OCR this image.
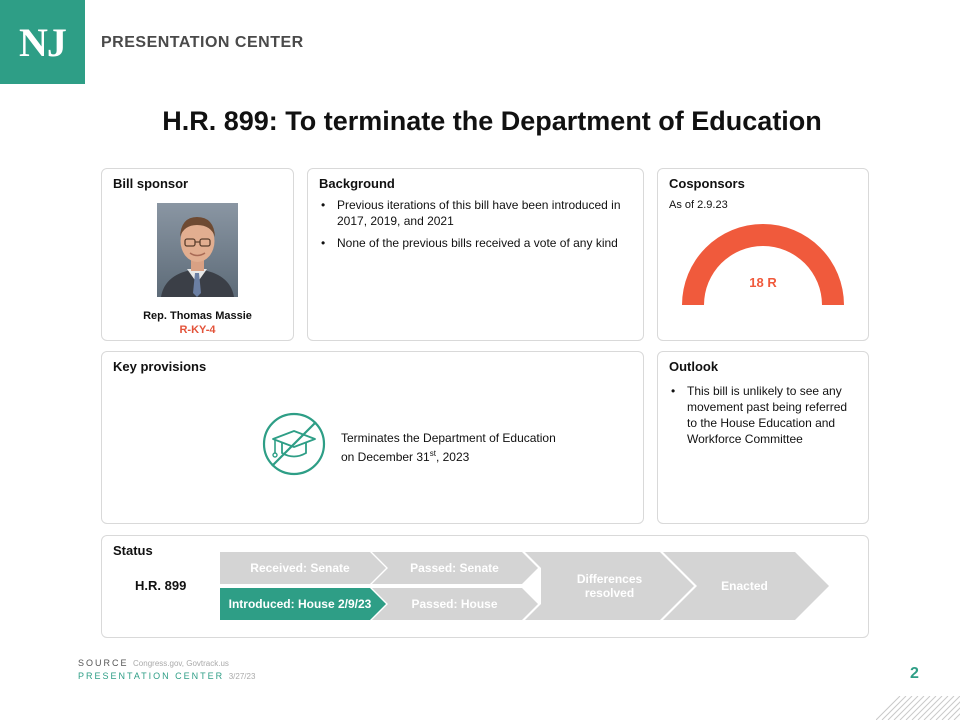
NJ PRESENTATION CENTER
H.R. 899: To terminate the Department of Education
Bill sponsor
Rep. Thomas Massie
R-KY-4
Background
• Previous iterations of this bill have been introduced in 2017, 2019, and 2021
• None of the previous bills received a vote of any kind
Cosponsors
As of 2.9.23
18 R
Key provisions
Terminates the Department of Education on December 31st, 2023
Outlook
• This bill is unlikely to see any movement past being referred to the House Education and Workforce Committee
Status
H.R. 899
Received: Senate
Introduced: House 2/9/23
Passed: Senate
Passed: House
Differences resolved	Enacted
SOURCE Congress.gov, Govtrack.us
PRESENTATION CENTER 3/27/23	2
